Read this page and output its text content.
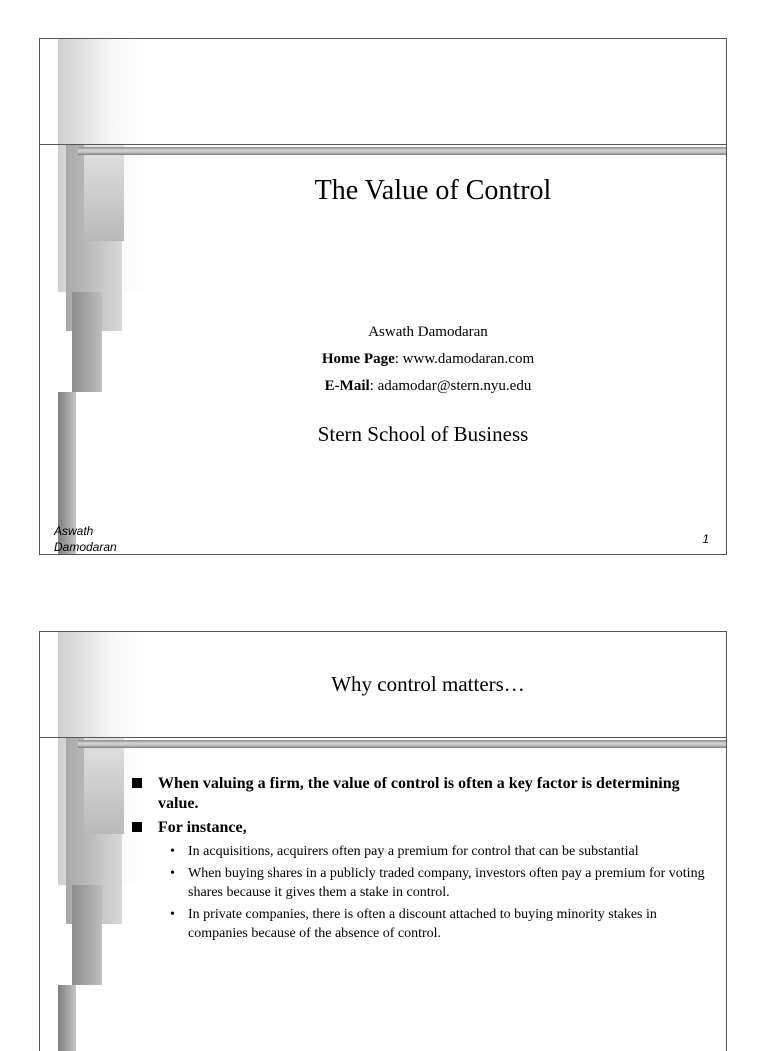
The Value of Control
Aswath Damodaran
Home Page: www.damodaran.com
E-Mail: adamodar@stern.nyu.edu
Stern School of Business
Aswath
Damodaran
1
Why control matters…
When valuing a firm, the value of control is often a key factor is determining value.
For instance,
• In acquisitions, acquirers often pay a premium for control that can be substantial
• When buying shares in a publicly traded company, investors often pay a premium for voting shares because it gives them a stake in control.
• In private companies, there is often a discount attached to buying minority stakes in companies because of the absence of control.
